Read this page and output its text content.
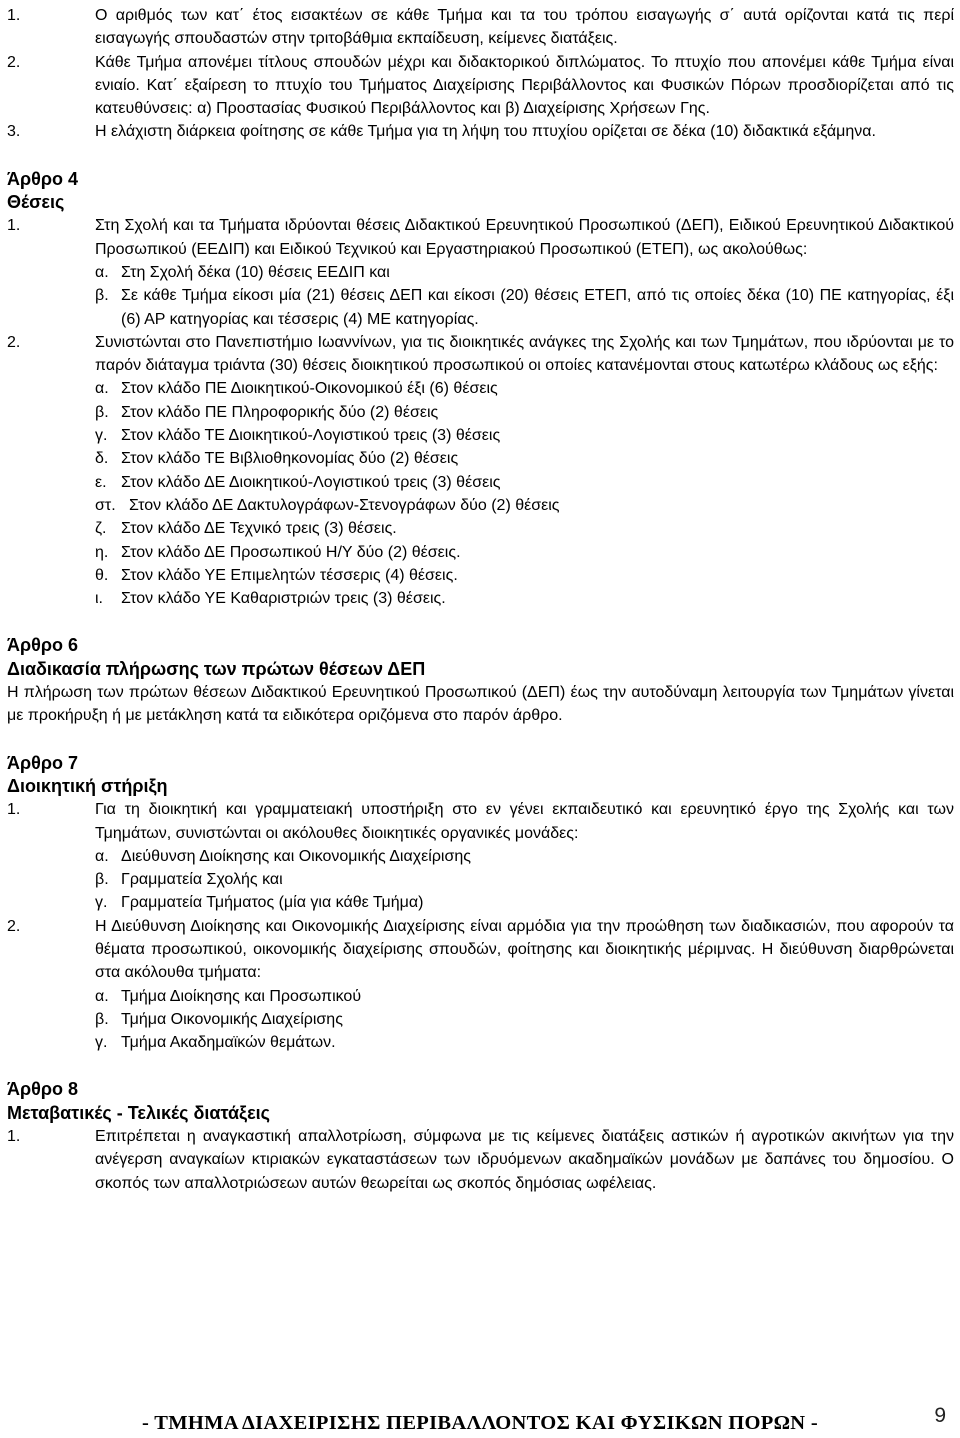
1.	Ο αριθμός των κατ΄ έτος εισακτέων σε κάθε Τμήμα και τα του τρόπου εισαγωγής σ΄ αυτά ορίζονται κατά τις περί εισαγωγής σπουδαστών στην τριτοβάθμια εκπαίδευση, κείμενες διατάξεις.
2.	Κάθε Τμήμα απονέμει τίτλους σπουδών μέχρι και διδακτορικού διπλώματος. Το πτυχίο που απονέμει κάθε Τμήμα είναι ενιαίο. Κατ΄ εξαίρεση το πτυχίο του Τμήματος Διαχείρισης Περιβάλλοντος και Φυσικών Πόρων προσδιορίζεται από τις κατευθύνσεις: α) Προστασίας Φυσικού Περιβάλλοντος και β) Διαχείρισης Χρήσεων Γης.
3.	Η ελάχιστη διάρκεια φοίτησης σε κάθε Τμήμα για τη λήψη του πτυχίου ορίζεται σε δέκα (10) διδακτικά εξάμηνα.
Άρθρο 4
Θέσεις
1.	Στη Σχολή και τα Τμήματα ιδρύονται θέσεις Διδακτικού Ερευνητικού Προσωπικού (ΔΕΠ), Ειδικού Ερευνητικού Διδακτικού Προσωπικού (ΕΕΔΙΠ) και Ειδικού Τεχνικού και Εργαστηριακού Προσωπικού (ΕΤΕΠ), ως ακολούθως:
α. Στη Σχολή δέκα (10) θέσεις ΕΕΔΙΠ και
β. Σε κάθε Τμήμα είκοσι μία (21) θέσεις ΔΕΠ και είκοσι (20) θέσεις ΕΤΕΠ, από τις οποίες δέκα (10) ΠΕ κατηγορίας, έξι (6) ΑΡ κατηγορίας και τέσσερις (4) ΜΕ κατηγορίας.
2.	Συνιστώνται στο Πανεπιστήμιο Ιωαννίνων, για τις διοικητικές ανάγκες της Σχολής και των Τμημάτων, που ιδρύονται με το παρόν διάταγμα τριάντα (30) θέσεις διοικητικού προσωπικού οι οποίες κατανέμονται στους κατωτέρω κλάδους ως εξής:
α. Στον κλάδο ΠΕ Διοικητικού-Οικονομικού έξι (6) θέσεις
β. Στον κλάδο ΠΕ Πληροφορικής δύο (2) θέσεις
γ. Στον κλάδο ΤΕ Διοικητικού-Λογιστικού τρεις (3) θέσεις
δ. Στον κλάδο ΤΕ Βιβλιοθηκονομίας δύο (2) θέσεις
ε. Στον κλάδο ΔΕ Διοικητικού-Λογιστικού τρεις (3) θέσεις
στ. Στον κλάδο ΔΕ Δακτυλογράφων-Στενογράφων δύο (2) θέσεις
ζ. Στον κλάδο ΔΕ Τεχνικό τρεις (3) θέσεις.
η. Στον κλάδο ΔΕ Προσωπικού Η/Υ δύο (2) θέσεις.
θ. Στον κλάδο ΥΕ Επιμελητών τέσσερις (4) θέσεις.
ι.	Στον κλάδο ΥΕ Καθαριστριών τρεις (3) θέσεις.
Άρθρο 6
Διαδικασία πλήρωσης των πρώτων θέσεων ΔΕΠ
Η πλήρωση των πρώτων θέσεων Διδακτικού Ερευνητικού Προσωπικού (ΔΕΠ) έως την αυτοδύναμη λειτουργία των Τμημάτων γίνεται με προκήρυξη ή με μετάκληση κατά τα ειδικότερα οριζόμενα στο παρόν άρθρο.
Άρθρο 7
Διοικητική στήριξη
1.	Για τη διοικητική και γραμματειακή υποστήριξη στο εν γένει εκπαιδευτικό και ερευνητικό έργο της Σχολής και των Τμημάτων, συνιστώνται οι ακόλουθες διοικητικές οργανικές μονάδες:
α. Διεύθυνση Διοίκησης και Οικονομικής Διαχείρισης
β. Γραμματεία Σχολής και
γ. Γραμματεία Τμήματος (μία για κάθε Τμήμα)
2.	Η Διεύθυνση Διοίκησης και Οικονομικής Διαχείρισης είναι αρμόδια για την προώθηση των διαδικασιών, που αφορούν τα θέματα προσωπικού, οικονομικής διαχείρισης σπουδών, φοίτησης και διοικητικής μέριμνας. Η διεύθυνση διαρθρώνεται στα ακόλουθα τμήματα:
α. Τμήμα Διοίκησης και Προσωπικού
β. Τμήμα Οικονομικής Διαχείρισης
γ. Τμήμα Ακαδημαϊκών θεμάτων.
Άρθρο 8
Μεταβατικές - Τελικές διατάξεις
1.	Επιτρέπεται η αναγκαστική απαλλοτρίωση, σύμφωνα με τις κείμενες διατάξεις αστικών ή αγροτικών ακινήτων για την ανέγερση αναγκαίων κτιριακών εγκαταστάσεων των ιδρυόμενων ακαδημαϊκών μονάδων με δαπάνες του δημοσίου. Ο σκοπός των απαλλοτριώσεων αυτών θεωρείται ως σκοπός δημόσιας ωφέλειας.
- ΤΜΗΜΑ ΔΙΑΧΕΙΡΙΣΗΣ ΠΕΡΙΒΑΛΛΟΝΤΟΣ ΚΑΙ ΦΥΣΙΚΩΝ ΠΟΡΩΝ -	9
